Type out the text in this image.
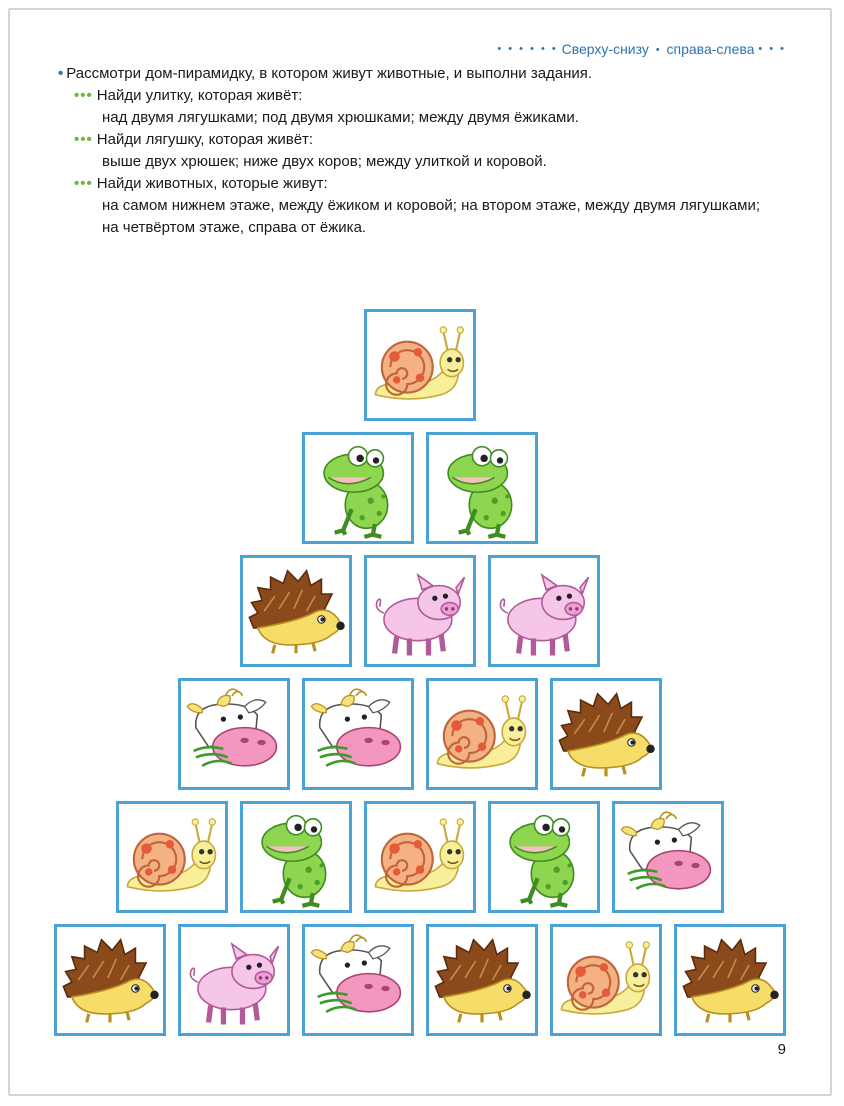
• • • • • • Сверху-снизу • справа-слева • • •

• Рассмотри дом-пирамидку, в котором живут животные, и выполни задания.

••• Найди улитку, которая живёт:
над двумя лягушками; под двумя хрюшками; между двумя ёжиками.
••• Найди лягушку, которая живёт:
выше двух хрюшек; ниже двух коров; между улиткой и коровой.
••• Найди животных, которые живут:
на самом нижнем этаже, между ёжиком и коровой; на втором этаже, между двумя лягушками; на четвёртом этаже, справа от ёжика.
9
